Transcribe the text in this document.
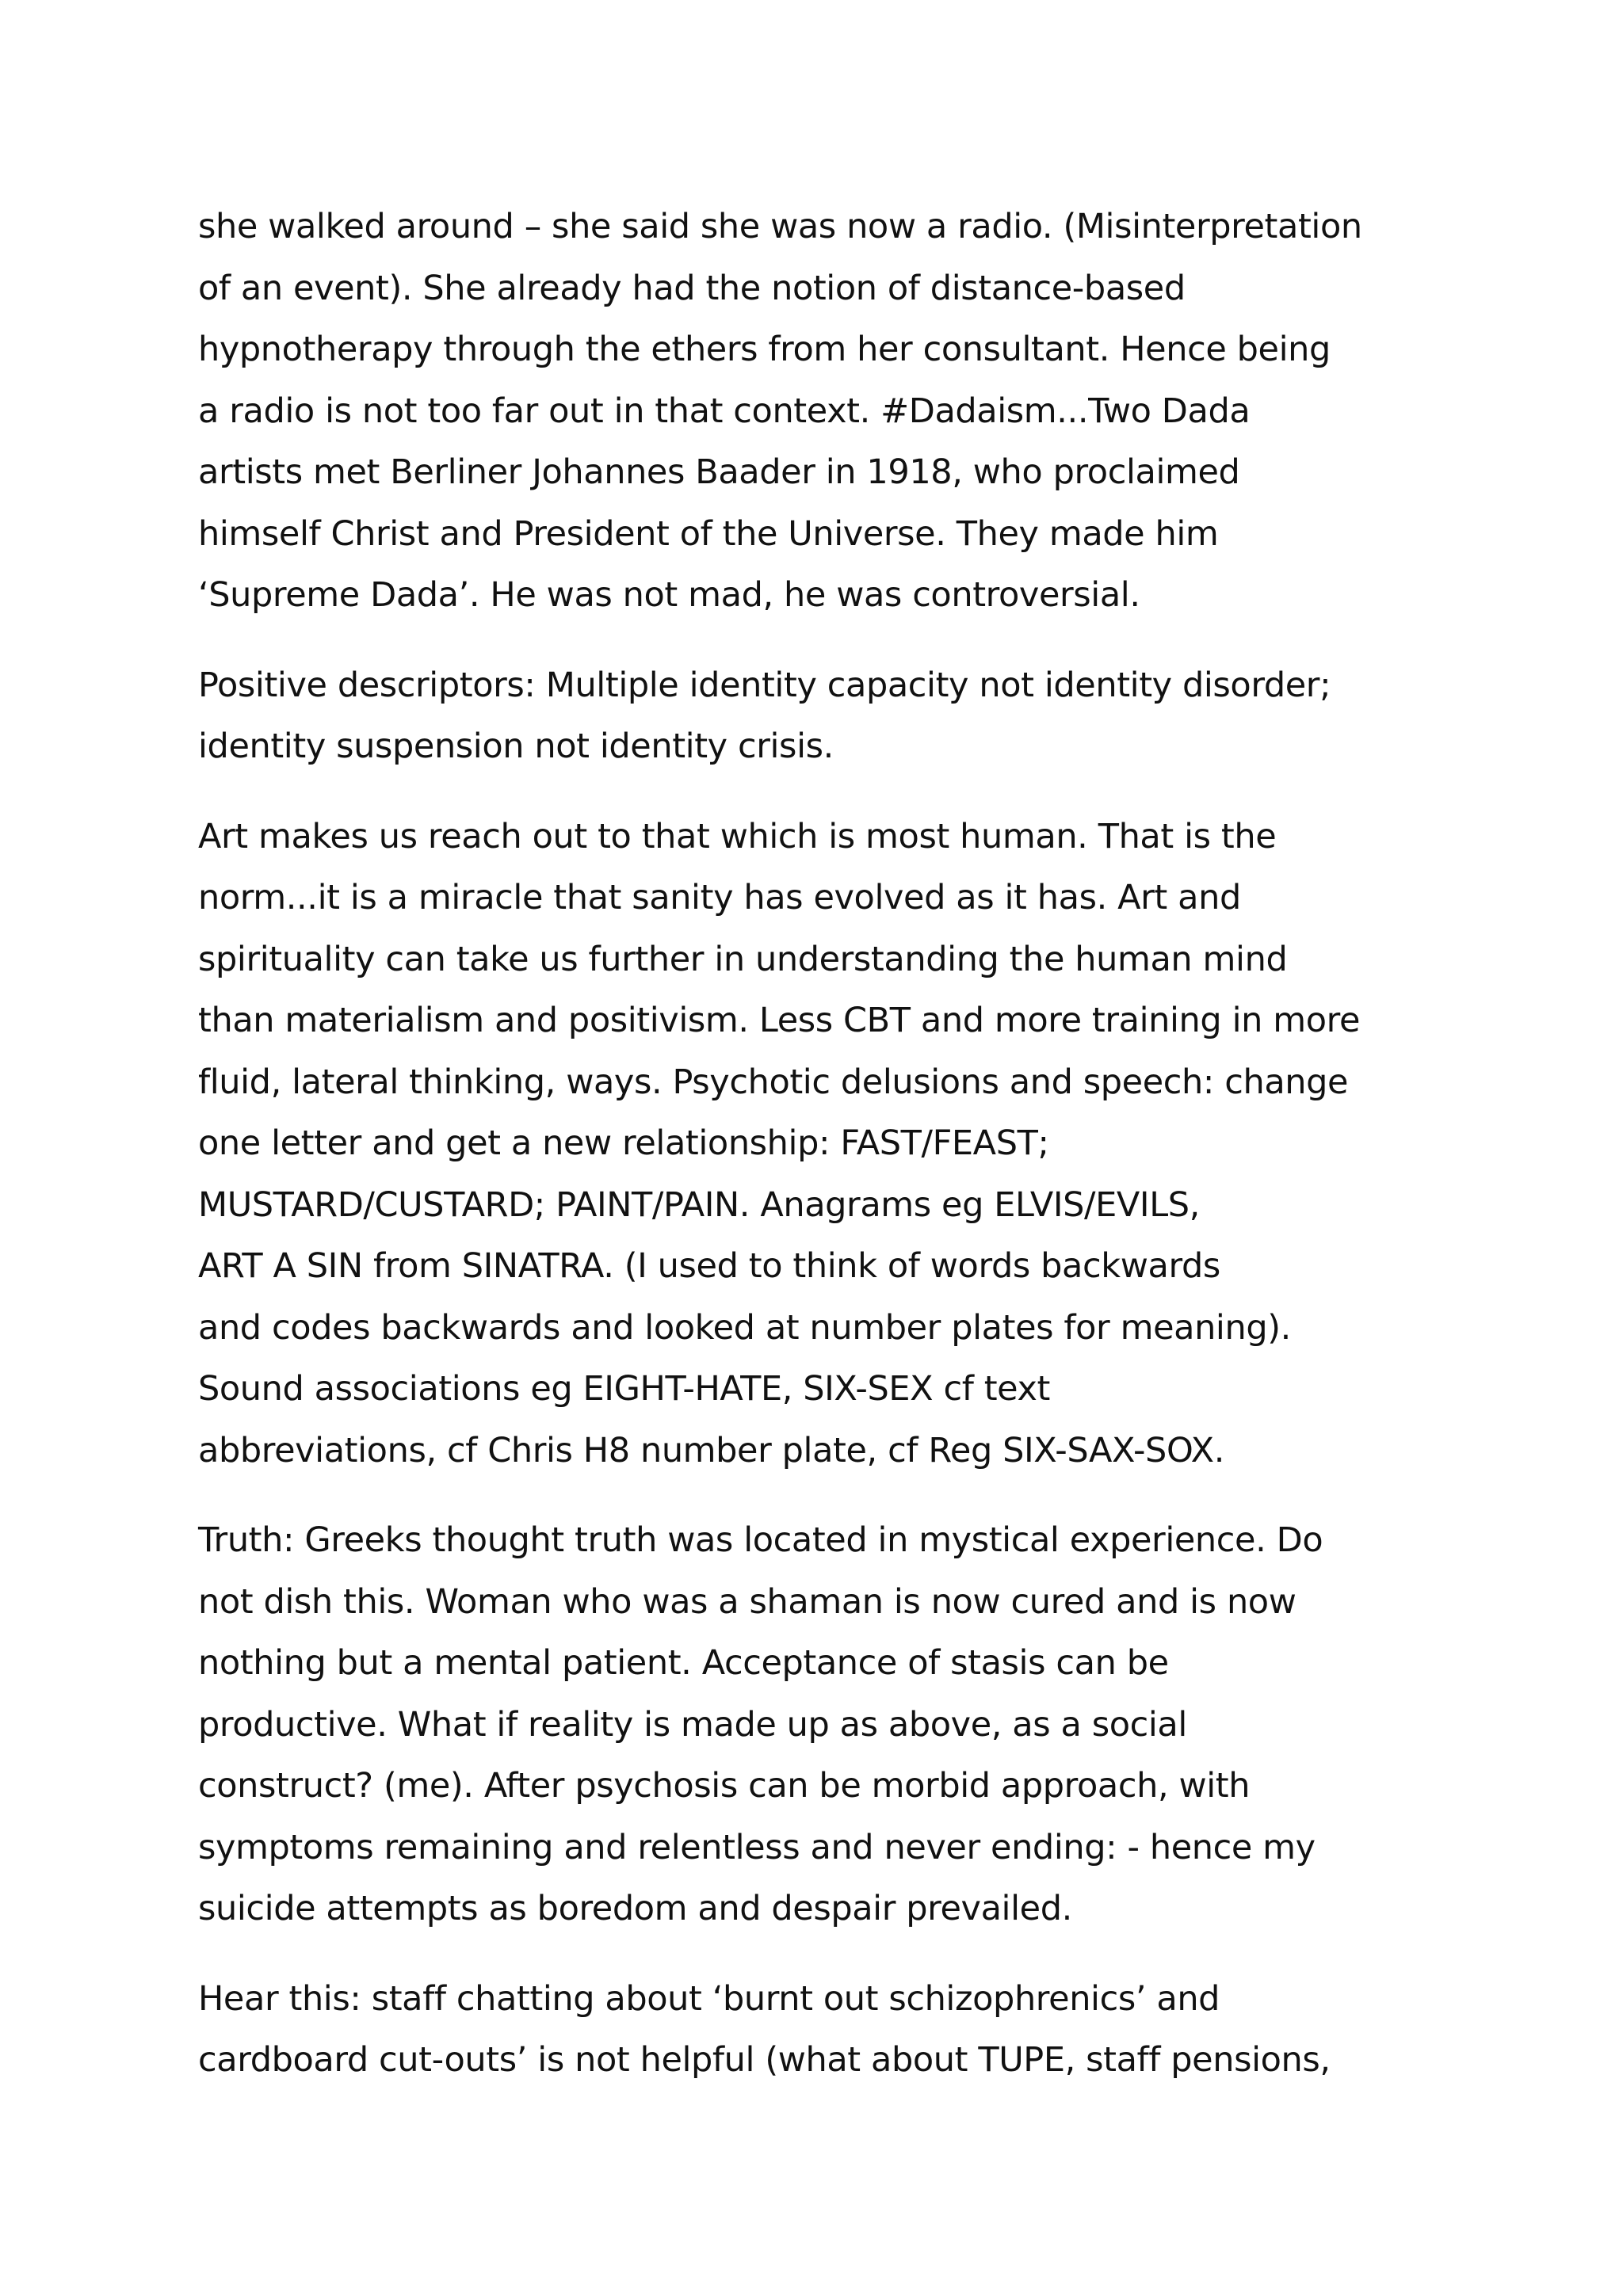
she walked around – she said she was now a radio. (Misinterpretation
of an event). She already had the notion of distance-based
hypnotherapy through the ethers from her consultant. Hence being
a radio is not too far out in that context. #Dadaism...Two Dada
artists met Berliner Johannes Baader in 1918, who proclaimed
himself Christ and President of the Universe. They made him
‘Supreme Dada’. He was not mad, he was controversial.

Positive descriptors: Multiple identity capacity not identity disorder;
identity suspension not identity crisis.

Art makes us reach out to that which is most human. That is the
norm...it is a miracle that sanity has evolved as it has. Art and
spirituality can take us further in understanding the human mind
than materialism and positivism. Less CBT and more training in more
fluid, lateral thinking, ways. Psychotic delusions and speech: change
one letter and get a new relationship: FAST/FEAST;
MUSTARD/CUSTARD; PAINT/PAIN. Anagrams eg ELVIS/EVILS,
ART A SIN from SINATRA. (I used to think of words backwards
and codes backwards and looked at number plates for meaning).
Sound associations eg EIGHT-HATE, SIX-SEX cf text
abbreviations, cf Chris H8 number plate, cf Reg SIX-SAX-SOX.

Truth: Greeks thought truth was located in mystical experience. Do
not dish this. Woman who was a shaman is now cured and is now
nothing but a mental patient. Acceptance of stasis can be
productive. What if reality is made up as above, as a social
construct? (me). After psychosis can be morbid approach, with
symptoms remaining and relentless and never ending: - hence my
suicide attempts as boredom and despair prevailed.

Hear this: staff chatting about ‘burnt out schizophrenics’ and
cardboard cut-outs’ is not helpful (what about TUPE, staff pensions,
